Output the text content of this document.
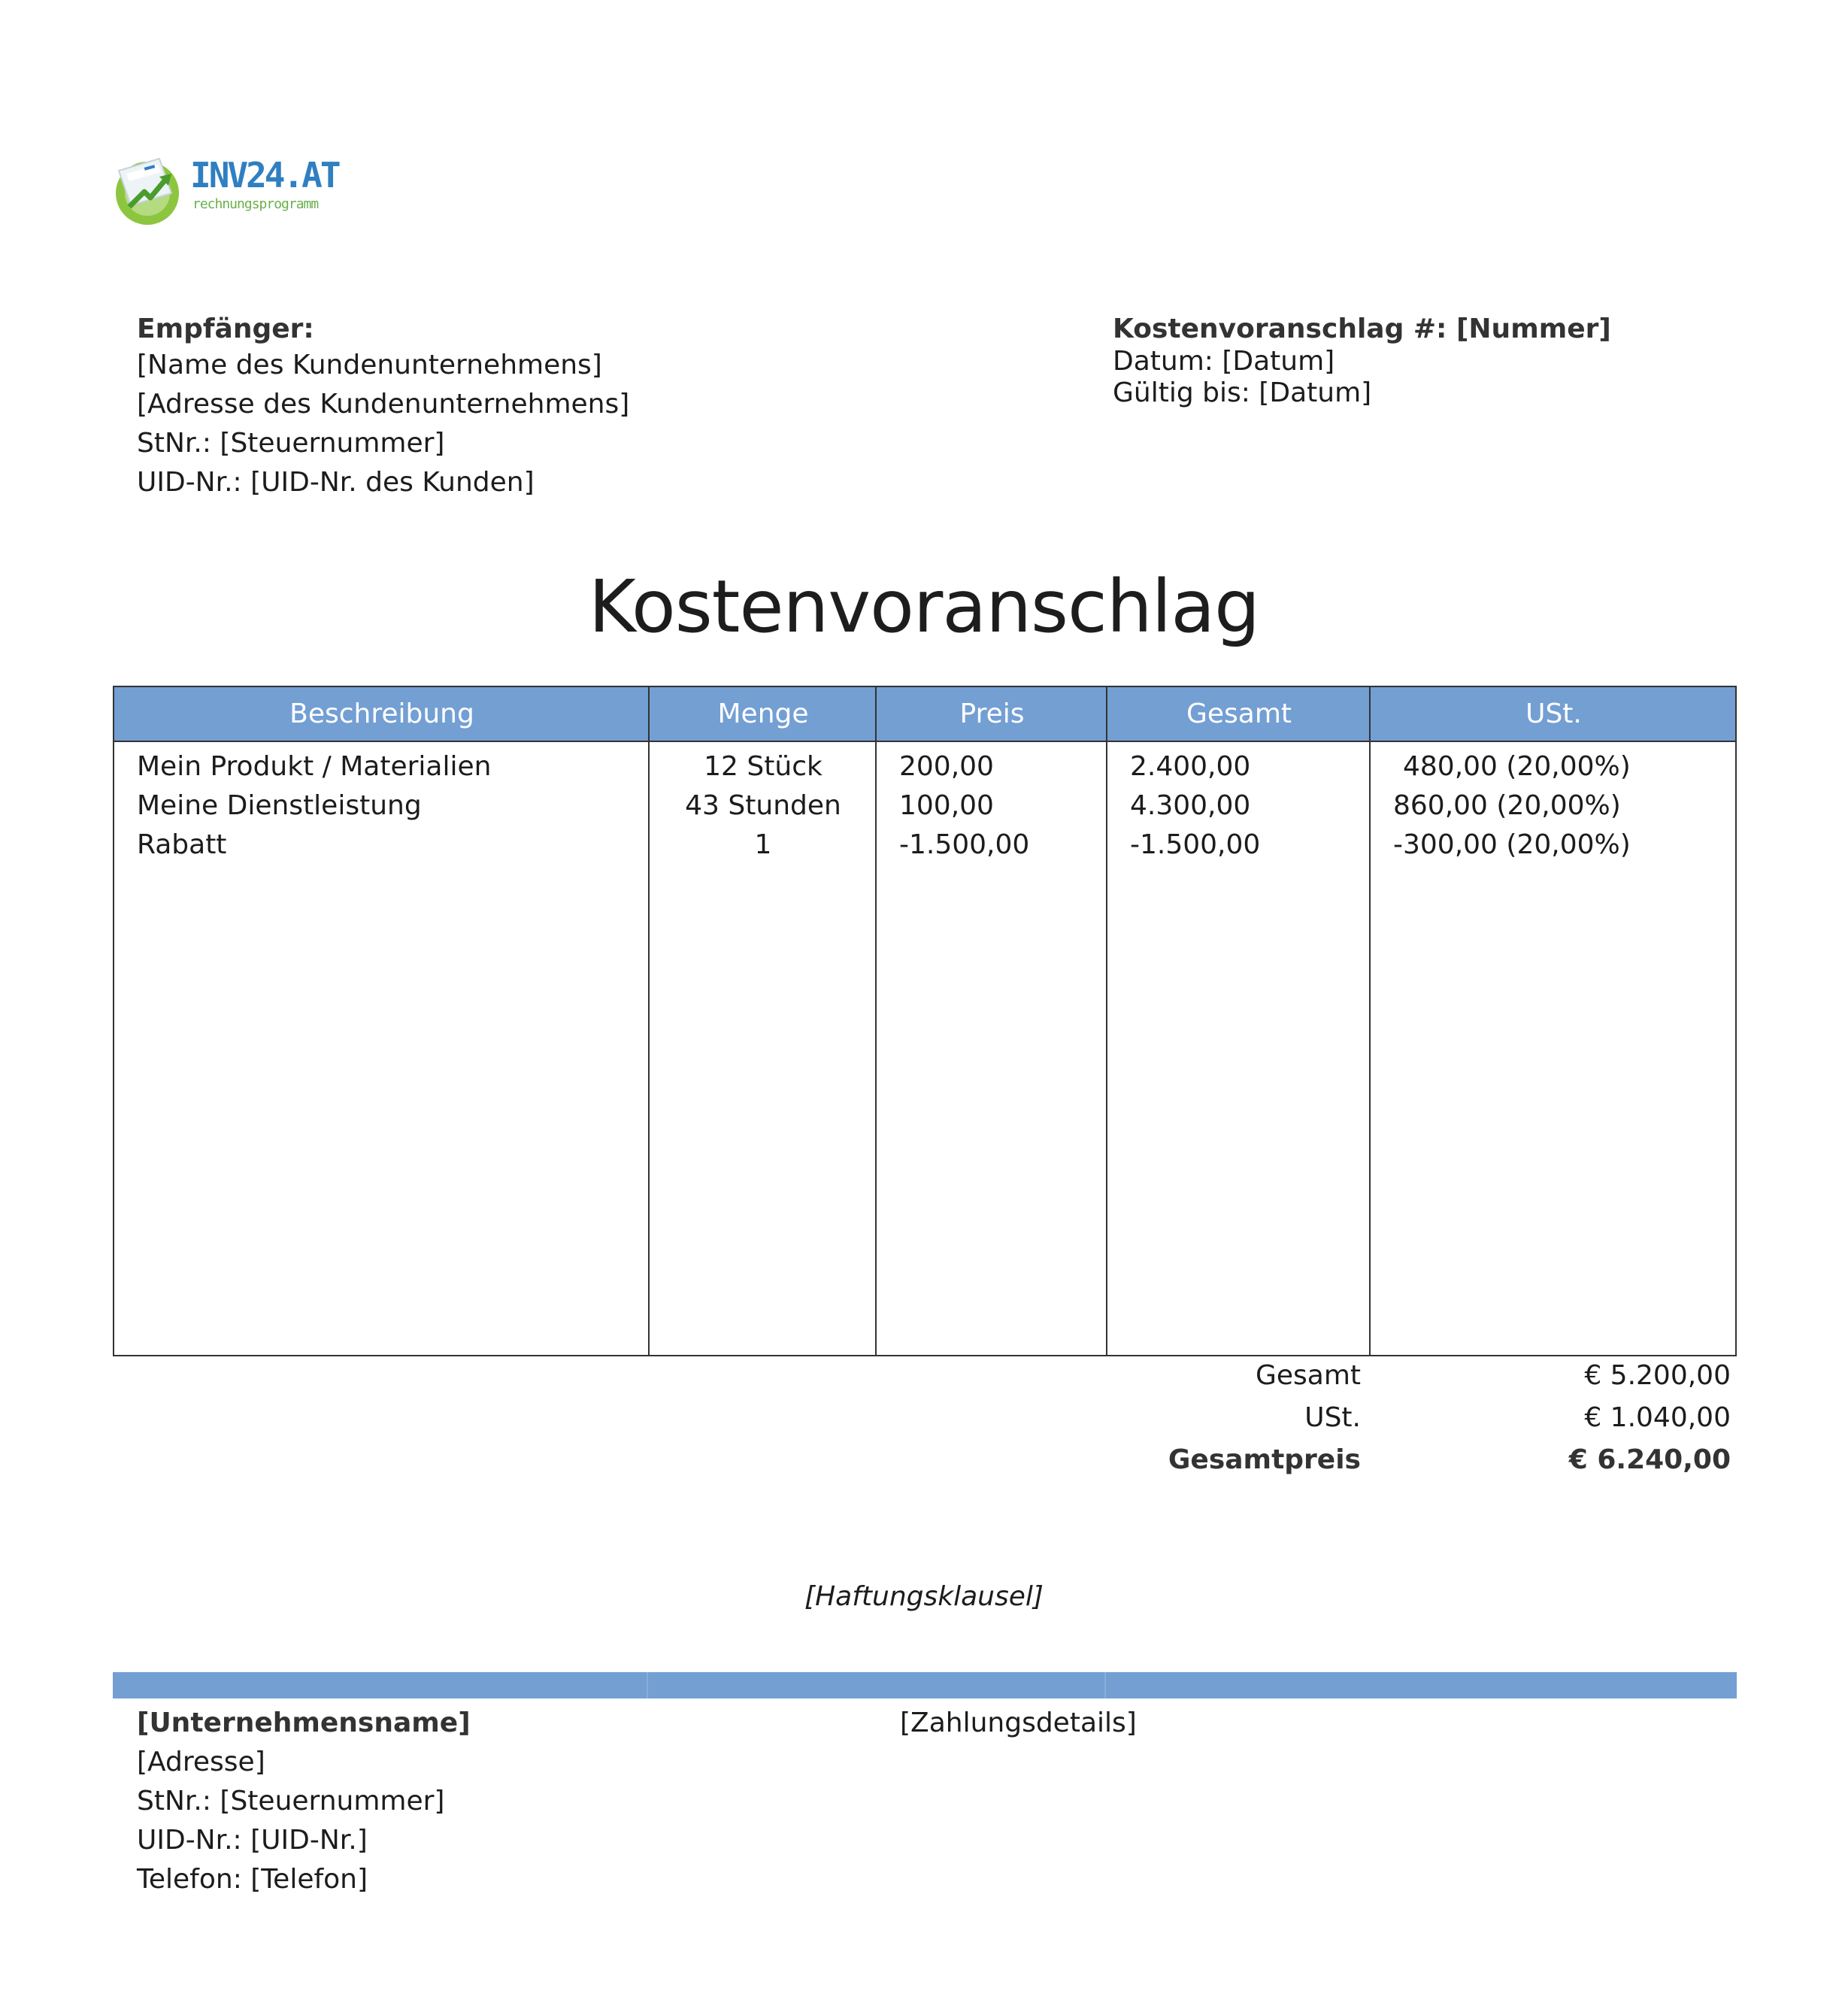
INV24.AT
rechnungsprogramm
Empfänger:
[Name des Kundenunternehmens]
[Adresse des Kundenunternehmens]
StNr.: [Steuernummer]
UID-Nr.: [UID-Nr. des Kunden]
Kostenvoranschlag #: [Nummer]
Datum: [Datum]
Gültig bis: [Datum]
Kostenvoranschlag
Beschreibung	Menge	Preis	Gesamt	USt.
Mein Produkt / Materialien	12 Stück	200,00	2.400,00	480,00 (20,00%)
Meine Dienstleistung	43 Stunden	100,00	4.300,00	860,00 (20,00%)
Rabatt	1	-1.500,00	-1.500,00	-300,00 (20,00%)
Gesamt	€ 5.200,00
USt.	€ 1.040,00
Gesamtpreis	€ 6.240,00
[Haftungsklausel]
[Unternehmensname]
[Adresse]
StNr.: [Steuernummer]
UID-Nr.: [UID-Nr.]
Telefon: [Telefon]
[Zahlungsdetails]
